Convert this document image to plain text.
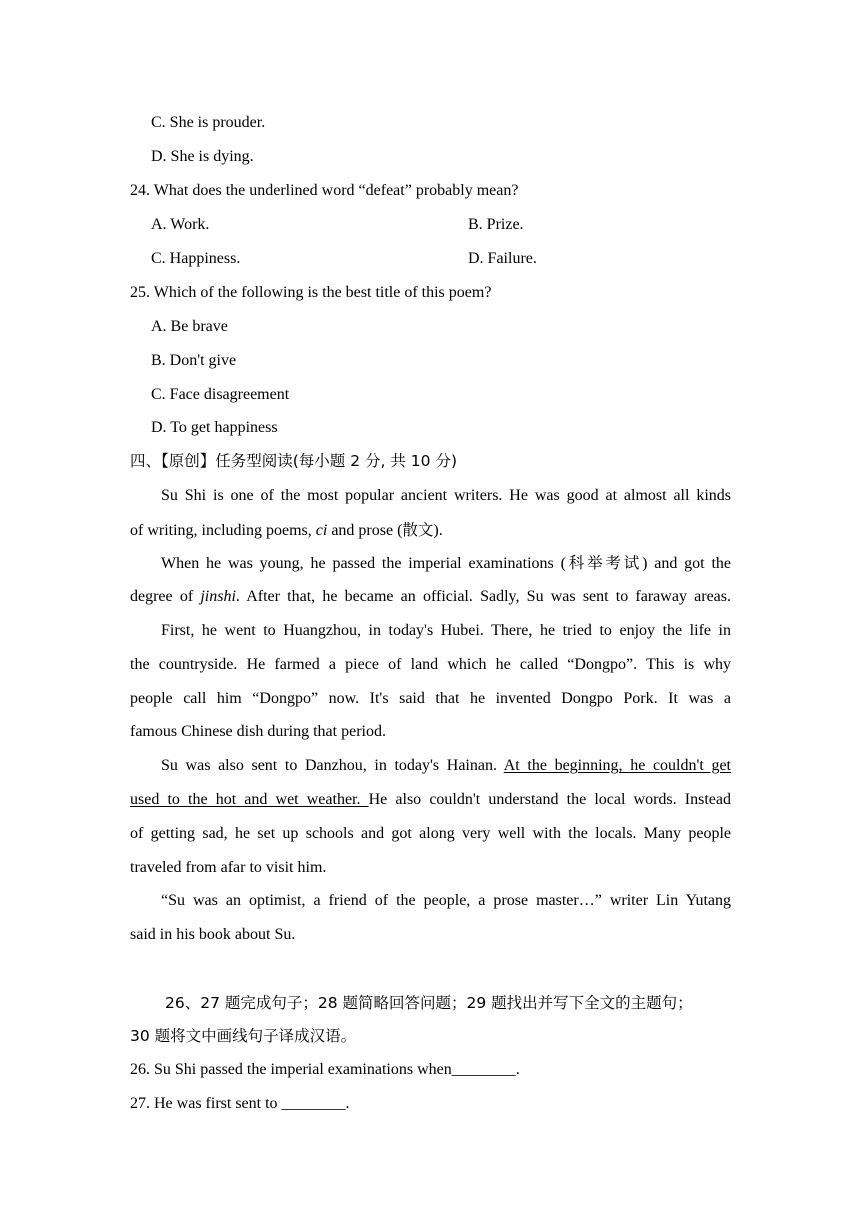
C. She is prouder.
D. She is dying.
24. What does the underlined word “defeat” probably mean?
A. Work.	B. Prize.
C. Happiness.	D. Failure.
25. Which of the following is the best title of this poem?
A. Be brave
B. Don't give
C. Face disagreement
D. To get happiness
四、【原创】任务型阅读(每小题 2 分, 共 10 分)
Su Shi is one of the most popular ancient writers. He was good at almost all kinds
of writing, including poems, ci and prose (散文).
When he was young, he passed the imperial examinations (科举考试) and got the
degree of jinshi. After that, he became an official. Sadly, Su was sent to faraway areas.
First, he went to Huangzhou, in today's Hubei. There, he tried to enjoy the life in
the countryside. He farmed a piece of land which he called “Dongpo”. This is why
people call him “Dongpo” now. It's said that he invented Dongpo Pork. It was a
famous Chinese dish during that period.
Su was also sent to Danzhou, in today's Hainan. At the beginning, he couldn't get
used to the hot and wet weather. He also couldn't understand the local words. Instead
of getting sad, he set up schools and got along very well with the locals. Many people
traveled from afar to visit him.
“Su was an optimist, a friend of the people, a prose master…” writer Lin Yutang
said in his book about Su.
26、27 题完成句子；28 题简略回答问题；29 题找出并写下全文的主题句；
30 题将文中画线句子译成汉语。
26. Su Shi passed the imperial examinations when________.
27. He was first sent to ________.
